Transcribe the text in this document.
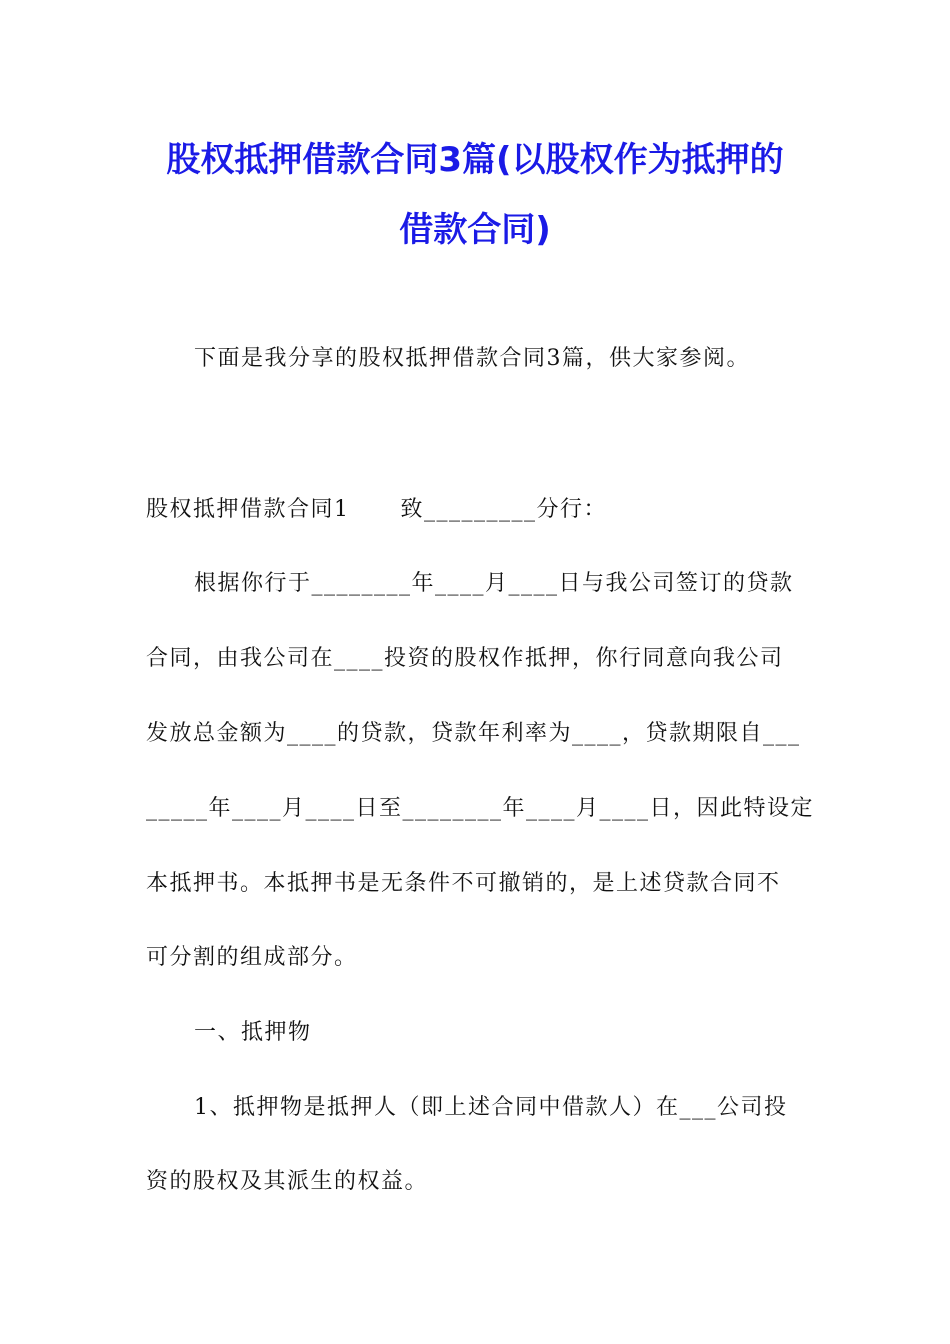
股权抵押借款合同3篇(以股权作为抵押的
借款合同)
下面是我分享的股权抵押借款合同3篇，供大家参阅。
股权抵押借款合同1      致_________分行：
根据你行于________年____月____日与我公司签订的贷款
合同，由我公司在____投资的股权作抵押，你行同意向我公司
发放总金额为____的贷款，贷款年利率为____，贷款期限自___
_____年____月____日至________年____月____日，因此特设定
本抵押书。本抵押书是无条件不可撤销的，是上述贷款合同不
可分割的组成部分。
一、抵押物
1、抵押物是抵押人（即上述合同中借款人）在___公司投
资的股权及其派生的权益。
